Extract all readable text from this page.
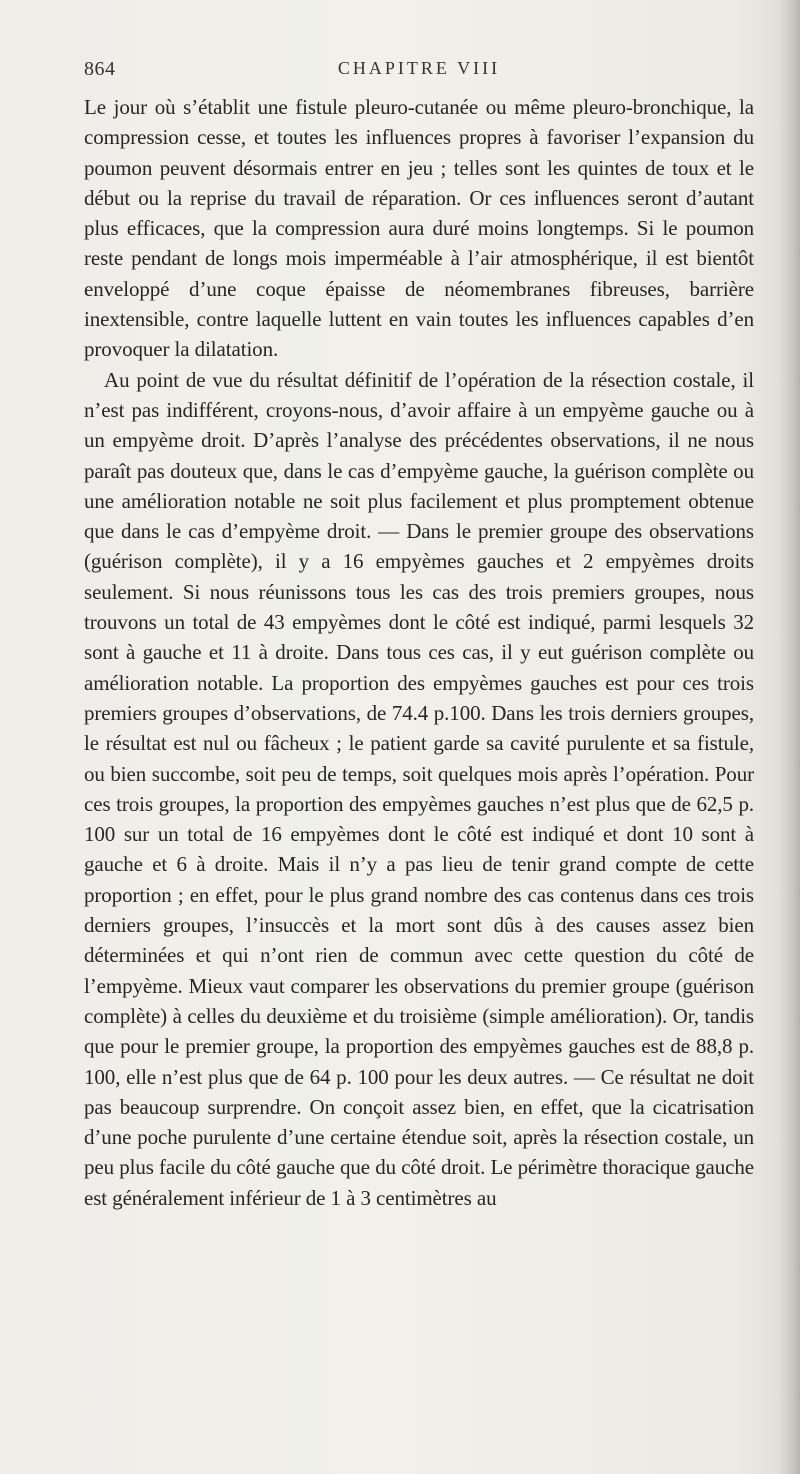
864	CHAPITRE VIII

Le jour où s’établit une fistule pleuro-cutanée ou même pleuro-bronchique, la compression cesse, et toutes les influences propres à favoriser l’expansion du poumon peuvent désormais entrer en jeu ; telles sont les quintes de toux et le début ou la reprise du travail de réparation. Or ces influences seront d’autant plus efficaces, que la compression aura duré moins longtemps. Si le poumon reste pendant de longs mois imperméable à l’air atmosphérique, il est bientôt enveloppé d’une coque épaisse de néomembranes fibreuses, barrière inextensible, contre laquelle luttent en vain toutes les influences capables d’en provoquer la dilatation.

Au point de vue du résultat définitif de l’opération de la résection costale, il n’est pas indifférent, croyons-nous, d’avoir affaire à un empyème gauche ou à un empyème droit. D’après l’analyse des précédentes observations, il ne nous paraît pas douteux que, dans le cas d’empyème gauche, la guérison complète ou une amélioration notable ne soit plus facilement et plus promptement obtenue que dans le cas d’empyème droit. — Dans le premier groupe des observations (guérison complète), il y a 16 empyèmes gauches et 2 empyèmes droits seulement. Si nous réunissons tous les cas des trois premiers groupes, nous trouvons un total de 43 empyèmes dont le côté est indiqué, parmi lesquels 32 sont à gauche et 11 à droite. Dans tous ces cas, il y eut guérison complète ou amélioration notable. La proportion des empyèmes gauches est pour ces trois premiers groupes d’observations, de 74.4 p.100. Dans les trois derniers groupes, le résultat est nul ou fâcheux ; le patient garde sa cavité purulente et sa fistule, ou bien succombe, soit peu de temps, soit quelques mois après l’opération. Pour ces trois groupes, la proportion des empyèmes gauches n’est plus que de 62,5 p. 100 sur un total de 16 empyèmes dont le côté est indiqué et dont 10 sont à gauche et 6 à droite. Mais il n’y a pas lieu de tenir grand compte de cette proportion ; en effet, pour le plus grand nombre des cas contenus dans ces trois derniers groupes, l’insuccès et la mort sont dûs à des causes assez bien déterminées et qui n’ont rien de commun avec cette question du côté de l’empyème. Mieux vaut comparer les observations du premier groupe (guérison complète) à celles du deuxième et du troisième (simple amélioration). Or, tandis que pour le premier groupe, la proportion des empyèmes gauches est de 88,8 p. 100, elle n’est plus que de 64 p. 100 pour les deux autres. — Ce résultat ne doit pas beaucoup surprendre. On conçoit assez bien, en effet, que la cicatrisation d’une poche purulente d’une certaine étendue soit, après la résection costale, un peu plus facile du côté gauche que du côté droit. Le périmètre thoracique gauche est généralement inférieur de 1 à 3 centimètres au
